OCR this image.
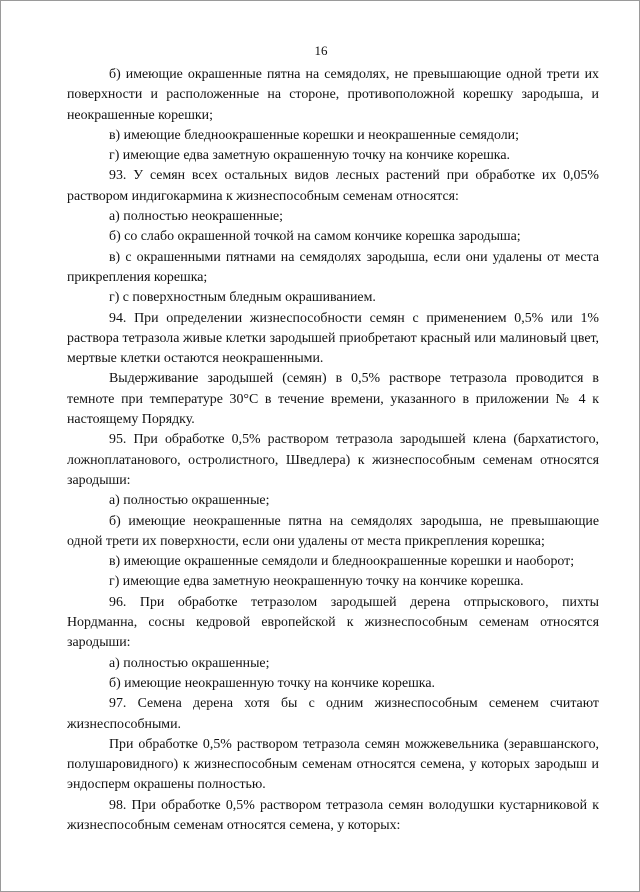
16

б) имеющие окрашенные пятна на семядолях, не превышающие одной трети их поверхности и расположенные на стороне, противоположной корешку зародыша, и неокрашенные корешки;

в) имеющие бледноокрашенные корешки и неокрашенные семядоли;

г) имеющие едва заметную окрашенную точку на кончике корешка.

93. У семян всех остальных видов лесных растений при обработке их 0,05% раствором индигокармина к жизнеспособным семенам относятся:

а) полностью неокрашенные;

б) со слабо окрашенной точкой на самом кончике корешка зародыша;

в) с окрашенными пятнами на семядолях зародыша, если они удалены от места прикрепления корешка;

г) с поверхностным бледным окрашиванием.

94. При определении жизнеспособности семян с применением 0,5% или 1% раствора тетразола живые клетки зародышей приобретают красный или малиновый цвет, мертвые клетки остаются неокрашенными.

Выдерживание зародышей (семян) в 0,5% растворе тетразола проводится в темноте при температуре 30°С в течение времени, указанного в приложении № 4 к настоящему Порядку.

95. При обработке 0,5% раствором тетразола зародышей клена (бархатистого, ложноплатанового, остролистного, Шведлера) к жизнеспособным семенам относятся зародыши:

а) полностью окрашенные;

б) имеющие неокрашенные пятна на семядолях зародыша, не превышающие одной трети их поверхности, если они удалены от места прикрепления корешка;

в) имеющие окрашенные семядоли и бледноокрашенные корешки и наоборот;

г) имеющие едва заметную неокрашенную точку на кончике корешка.

96. При обработке тетразолом зародышей дерена отпрыскового, пихты Нордманна, сосны кедровой европейской к жизнеспособным семенам относятся зародыши:

а) полностью окрашенные;

б) имеющие неокрашенную точку на кончике корешка.

97. Семена дерена хотя бы с одним жизнеспособным семенем считают жизнеспособными.

При обработке 0,5% раствором тетразола семян можжевельника (зеравшанского, полушаровидного) к жизнеспособным семенам относятся семена, у которых зародыш и эндосперм окрашены полностью.

98. При обработке 0,5% раствором тетразола семян володушки кустарниковой к жизнеспособным семенам относятся семена, у которых:
